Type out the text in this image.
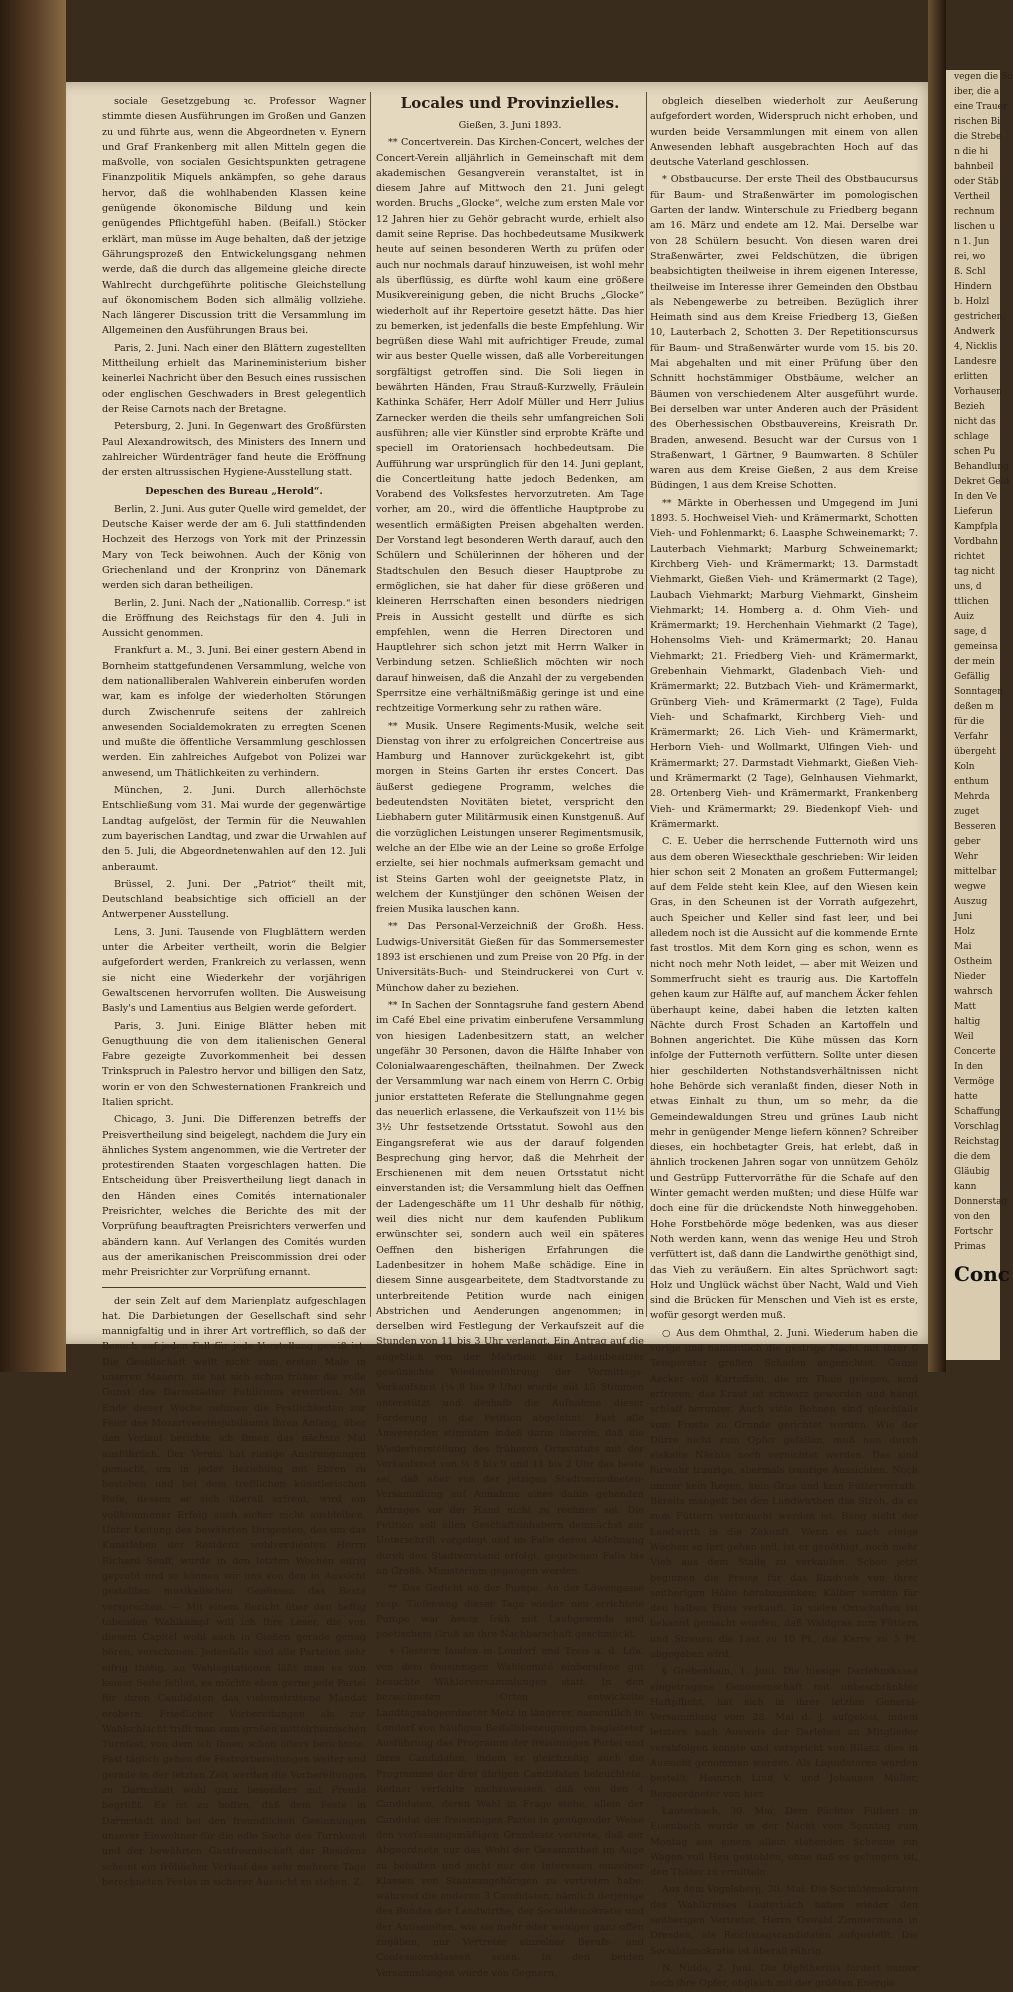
sociale Gesetzgebung ꝛc. Professor Wagner stimmte diesen Ausführungen im Großen und Ganzen zu und führte aus, wenn die Abgeordneten v. Eynern und Graf Frankenberg mit allen Mitteln gegen die maßvolle, von socialen Gesichtspunkten getragene Finanzpolitik Miquels ankämpfen, so gehe daraus hervor, daß die wohlhabenden Klassen keine genügende ökonomische Bildung und kein genügendes Pflichtgefühl haben. (Beifall.) Stöcker erklärt, man müsse im Auge behalten, daß der jetzige Gährungsprozeß den Entwickelungsgang nehmen werde, daß die durch das allgemeine gleiche directe Wahlrecht durchgeführte politische Gleichstellung auf ökonomischem Boden sich allmälig vollziehe. Nach längerer Discussion tritt die Versammlung im Allgemeinen den Ausführungen Braus bei.

Paris, 2. Juni. Nach einer den Blättern zugestellten Mittheilung erhielt das Marineministerium bisher keinerlei Nachricht über den Besuch eines russischen oder englischen Geschwaders in Brest gelegentlich der Reise Carnots nach der Bretagne.

Petersburg, 2. Juni. In Gegenwart des Großfürsten Paul Alexandrowitsch, des Ministers des Innern und zahlreicher Würdenträger fand heute die Eröffnung der ersten altrussischen Hygiene-Ausstellung statt.

Depeschen des Bureau „Herold“.

Berlin, 2. Juni. Aus guter Quelle wird gemeldet, der Deutsche Kaiser werde der am 6. Juli stattfindenden Hochzeit des Herzogs von York mit der Prinzessin Mary von Teck beiwohnen. Auch der König von Griechenland und der Kronprinz von Dänemark werden sich daran betheiligen.

Berlin, 2. Juni. Nach der „Nationallib. Corresp.“ ist die Eröffnung des Reichstags für den 4. Juli in Aussicht genommen.

Frankfurt a. M., 3. Juni. Bei einer gestern Abend in Bornheim stattgefundenen Versammlung, welche von dem nationalliberalen Wahlverein einberufen worden war, kam es infolge der wiederholten Störungen durch Zwischenrufe seitens der zahlreich anwesenden Socialdemokraten zu erregten Scenen und mußte die öffentliche Versammlung geschlossen werden. Ein zahlreiches Aufgebot von Polizei war anwesend, um Thätlichkeiten zu verhindern.

München, 2. Juni. Durch allerhöchste Entschließung vom 31. Mai wurde der gegenwärtige Landtag aufgelöst, der Termin für die Neuwahlen zum bayerischen Landtag, und zwar die Urwahlen auf den 5. Juli, die Abgeordnetenwahlen auf den 12. Juli anberaumt.

Brüssel, 2. Juni. Der „Patriot“ theilt mit, Deutschland beabsichtige sich officiell an der Antwerpener Ausstellung.

Lens, 3. Juni. Tausende von Flugblättern werden unter die Arbeiter vertheilt, worin die Belgier aufgefordert werden, Frankreich zu verlassen, wenn sie nicht eine Wiederkehr der vorjährigen Gewaltscenen hervorrufen wollten. Die Ausweisung Basly's und Lamentius aus Belgien werde gefordert.

Paris, 3. Juni. Einige Blätter heben mit Genugthuung die von dem italienischen General Fabre gezeigte Zuvorkommenheit bei dessen Trinkspruch in Palestro hervor und billigen den Satz, worin er von den Schwesternationen Frankreich und Italien spricht.

Chicago, 3. Juni. Die Differenzen betreffs der Preisvertheilung sind beigelegt, nachdem die Jury ein ähnliches System angenommen, wie die Vertreter der protestirenden Staaten vorgeschlagen hatten. Die Entscheidung über Preisvertheilung liegt danach in den Händen eines Comités internationaler Preisrichter, welches die Berichte des mit der Vorprüfung beauftragten Preisrichters verwerfen und abändern kann. Auf Verlangen des Comités wurden aus der amerikanischen Preiscommission drei oder mehr Preisrichter zur Vorprüfung ernannt.

der sein Zelt auf dem Marienplatz aufgeschlagen hat. Die Darbietungen der Gesellschaft sind sehr mannigfaltig und in ihrer Art vortrefflich, so daß der Besuch auf jeden Fall für jede Vorstellung gewiß ist. Die Gesellschaft weilt nicht zum ersten Male in unseren Mauern, sie hat sich schon früher die volle Gunst des Darmstädter Publicums erworben. Mit Ende dieser Woche nehmen die Festlichkeiten zur Feier des Mozartvereinsjubiläums ihren Anfang, über den Verlauf berichte ich Ihnen das nächste Mal ausführlich. Der Verein hat riesige Anstrengungen gemacht, um in jeder Beziehung mit Ehren zu bestehen und bei dem trefflichen künstlerischen Rufe, dessen er sich überall erfreut, wird ein vollkommener Erfolg auch sicher nicht ausbleiben. Unter Leitung des bewährten Dirigenten, des um das Kunstleben der Residenz wohlverdienten Herrn Richard Senff, wurde in den letzten Wochen eifrig geprobt und so können wir uns von den in Aussicht gestellten musikalischen Genüssen das Beste versprechen. — Mit einem Bericht über den heftig tobenden Wahlkampf will ich Ihre Leser, die von diesem Capitel wohl auch in Gießen gerade genug hören, verschonen. Jedenfalls sind alle Parteien sehr eifrig thätig, an Wahlagitationen läßt man es von keiner Seite fehlen, es möchte eben gerne jede Partei für ihren Candidaten das vielumstrittene Mandat erobern. Friedlicher Vorbereitungen als zur Wahlschlacht trifft man zum großen mittelrheinischen Turnfest, von dem ich Ihnen schon öfters berichtete. Fast täglich gehen die Festvorbereitungen weiter und gerade in der letzten Zeit werden die Vorbereitungen zu Darmstadt wohl ganz besonders mit Freude begrüßt. Es ist zu hoffen, daß dem Feste in Darmstadt und bei den freundlichen Gesinnungen unserer Einwohner für die edle Sache des Turnkunst und der bewährten Gastfreundschaft der Residenz scheint ein fröhlicher Verlauf des sehr mehrere Tage berechneten Festes in sicherer Aussicht zu stehen. Z.

Locales und Provinzielles.

Gießen, 3. Juni 1893.

** Concertverein. Das Kirchen-Concert, welches der Concert-Verein alljährlich in Gemeinschaft mit dem akademischen Gesangverein veranstaltet, ist in diesem Jahre auf Mittwoch den 21. Juni gelegt worden. Bruchs „Glocke“, welche zum ersten Male vor 12 Jahren hier zu Gehör gebracht wurde, erhielt also damit seine Reprise. Das hochbedeutsame Musikwerk heute auf seinen besonderen Werth zu prüfen oder auch nur nochmals darauf hinzuweisen, ist wohl mehr als überflüssig, es dürfte wohl kaum eine größere Musikvereinigung geben, die nicht Bruchs „Glocke“ wiederholt auf ihr Repertoire gesetzt hätte. Das hier zu bemerken, ist jedenfalls die beste Empfehlung. Wir begrüßen diese Wahl mit aufrichtiger Freude, zumal wir aus bester Quelle wissen, daß alle Vorbereitungen sorgfältigst getroffen sind. Die Soli liegen in bewährten Händen, Frau Strauß-Kurzwelly, Fräulein Kathinka Schäfer, Herr Adolf Müller und Herr Julius Zarnecker werden die theils sehr umfangreichen Soli ausführen; alle vier Künstler sind erprobte Kräfte und speciell im Oratoriensach hochbedeutsam. Die Aufführung war ursprünglich für den 14. Juni geplant, die Concertleitung hatte jedoch Bedenken, am Vorabend des Volksfestes hervorzutreten. Am Tage vorher, am 20., wird die öffentliche Hauptprobe zu wesentlich ermäßigten Preisen abgehalten werden. Der Vorstand legt besonderen Werth darauf, auch den Schülern und Schülerinnen der höheren und der Stadtschulen den Besuch dieser Hauptprobe zu ermöglichen, sie hat daher für diese größeren und kleineren Herrschaften einen besonders niedrigen Preis in Aussicht gestellt und dürfte es sich empfehlen, wenn die Herren Directoren und Hauptlehrer sich schon jetzt mit Herrn Walker in Verbindung setzen. Schließlich möchten wir noch darauf hinweisen, daß die Anzahl der zu vergebenden Sperrsitze eine verhältnißmäßig geringe ist und eine rechtzeitige Vormerkung sehr zu rathen wäre.

** Musik. Unsere Regiments-Musik, welche seit Dienstag von ihrer zu erfolgreichen Concertreise aus Hamburg und Hannover zurückgekehrt ist, gibt morgen in Steins Garten ihr erstes Concert. Das äußerst gediegene Programm, welches die bedeutendsten Novitäten bietet, verspricht den Liebhabern guter Militärmusik einen Kunstgenuß. Auf die vorzüglichen Leistungen unserer Regimentsmusik, welche an der Elbe wie an der Leine so große Erfolge erzielte, sei hier nochmals aufmerksam gemacht und ist Steins Garten wohl der geeignetste Platz, in welchem der Kunstjünger den schönen Weisen der freien Musika lauschen kann.

** Das Personal-Verzeichniß der Großh. Hess. Ludwigs-Universität Gießen für das Sommersemester 1893 ist erschienen und zum Preise von 20 Pfg. in der Universitäts-Buch- und Steindruckerei von Curt v. Münchow daher zu beziehen.

** In Sachen der Sonntagsruhe fand gestern Abend im Café Ebel eine privatim einberufene Versammlung von hiesigen Ladenbesitzern statt, an welcher ungefähr 30 Personen, davon die Hälfte Inhaber von Colonialwaarengeschäften, theilnahmen. Der Zweck der Versammlung war nach einem von Herrn C. Orbig junior erstatteten Referate die Stellungnahme gegen das neuerlich erlassene, die Verkaufszeit von 11½ bis 3½ Uhr festsetzende Ortsstatut. Sowohl aus den Eingangsreferat wie aus der darauf folgenden Besprechung ging hervor, daß die Mehrheit der Erschienenen mit dem neuen Ortsstatut nicht einverstanden ist; die Versammlung hielt das Oeffnen der Ladengeschäfte um 11 Uhr deshalb für nöthig, weil dies nicht nur dem kaufenden Publikum erwünschter sei, sondern auch weil ein späteres Oeffnen den bisherigen Erfahrungen die Ladenbesitzer in hohem Maße schädige. Eine in diesem Sinne ausgearbeitete, dem Stadtvorstande zu unterbreitende Petition wurde nach einigen Abstrichen und Aenderungen angenommen; in derselben wird Festlegung der Verkaufszeit auf die Stunden von 11 bis 3 Uhr verlangt. Ein Antrag auf die angeblich von der Mehrheit der Ladenbesitzer gewünschte Wiedereinführung der Vormittags-Verkaufszeit (⅛ 8 bis 9 Uhr) wurde mit 15 Stimmen unterstützt und deshalb die Aufnahme dieser Forderung in die Petition abgelehnt. Fast alle Anwesenden stimmten indeß darin überein, daß die Wiederherstellung des früheren Ortsstatuts mit der Verkaufszeit von ½ 8 bis 9 und 11 bis 2 Uhr das beste sei, daß aber von der jetzigen Stadtverordneten-Versammlung auf Annahme eines dahin gehenden Antrages vor der Hand nicht zu rechnen sei. Die Petition soll allen Geschäftsinhabern demnächst zur Unterschrift vorgelegt und im Falle deren Ablehnung durch den Stadtvorstand erfolgt, gegebenen Falls bis an Großh. Ministerium gegangen werden.

** Das Gedicht an der Pumpe. An der Löwengasse resp. Tiefenweg dieser Tage wieder neu errichtete Pumpe war heute früh mit Laubgewinde und poetischem Gruß an ihre Nachbarschaft geschmückt.

+ Gestern fanden in Londorf und Treis a. d. Lda. von dem freisinnigen Wahlcomité einberufene gut besuchte Wählerversammlungen statt. In den bezeichneten Orten entwickelte Landtagsabgeordneter Metz in längerer, namentlich in Londorf von häufigen Beifallsbezeugungen begleiteter Ausführung das Programm der freisinnigen Partei und ihres Candidaten, indem er gleichzeitig auch die Programme der drei übrigen Candidaten beleuchtete. Redner verfehlte nachzuweisen, daß von den 4 Candidaten, deren Wahl in Frage stehe, allein der Candidat der freisinnigen Partei in genügender Weise den verfassungsmäßigen Grundsatz vertrete, daß der Abgeordnete nur das Wohl der Gesammtheit im Auge zu behalten und nicht nur die Interessen einzelner Klassen von Staatsangehörigen zu vertreten habe; während die anderen 3 Candidaten, nämlich derjenige des Bundes der Landwirthe, der Socialdemokratie und der Antisemiten, wie sie mehr oder weniger ganz offen zugäben, nur Vertreter einzelner Berufs- und Confessionsklassen seien. In den beiden Versammlungen wurde von Gegnern,

obgleich dieselben wiederholt zur Aeußerung aufgefordert worden, Widerspruch nicht erhoben, und wurden beide Versammlungen mit einem von allen Anwesenden lebhaft ausgebrachten Hoch auf das deutsche Vaterland geschlossen.

* Obstbaucurse. Der erste Theil des Obstbaucursus für Baum- und Straßenwärter im pomologischen Garten der landw. Winterschule zu Friedberg begann am 16. März und endete am 12. Mai. Derselbe war von 28 Schülern besucht. Von diesen waren drei Straßenwärter, zwei Feldschützen, die übrigen beabsichtigten theilweise in ihrem eigenen Interesse, theilweise im Interesse ihrer Gemeinden den Obstbau als Nebengewerbe zu betreiben. Bezüglich ihrer Heimath sind aus dem Kreise Friedberg 13, Gießen 10, Lauterbach 2, Schotten 3. Der Repetitionscursus für Baum- und Straßenwärter wurde vom 15. bis 20. Mai abgehalten und mit einer Prüfung über den Schnitt hochstämmiger Obstbäume, welcher an Bäumen von verschiedenem Alter ausgeführt wurde. Bei derselben war unter Anderen auch der Präsident des Oberhessischen Obstbauvereins, Kreisrath Dr. Braden, anwesend. Besucht war der Cursus von 1 Straßenwart, 1 Gärtner, 9 Baumwarten. 8 Schüler waren aus dem Kreise Gießen, 2 aus dem Kreise Büdingen, 1 aus dem Kreise Schotten.

** Märkte in Oberhessen und Umgegend im Juni 1893. 5. Hochweisel Vieh- und Krämermarkt, Schotten Vieh- und Fohlenmarkt; 6. Laasphe Schweinemarkt; 7. Lauterbach Viehmarkt; Marburg Schweinemarkt; Kirchberg Vieh- und Krämermarkt; 13. Darmstadt Viehmarkt, Gießen Vieh- und Krämermarkt (2 Tage), Laubach Viehmarkt; Marburg Viehmarkt, Ginsheim Viehmarkt; 14. Homberg a. d. Ohm Vieh- und Krämermarkt; 19. Herchenhain Viehmarkt (2 Tage), Hohensolms Vieh- und Krämermarkt; 20. Hanau Viehmarkt; 21. Friedberg Vieh- und Krämermarkt, Grebenhain Viehmarkt, Gladenbach Vieh- und Krämermarkt; 22. Butzbach Vieh- und Krämermarkt, Grünberg Vieh- und Krämermarkt (2 Tage), Fulda Vieh- und Schafmarkt, Kirchberg Vieh- und Krämermarkt; 26. Lich Vieh- und Krämermarkt, Herborn Vieh- und Wollmarkt, Ulfingen Vieh- und Krämermarkt; 27. Darmstadt Viehmarkt, Gießen Vieh- und Krämermarkt (2 Tage), Gelnhausen Viehmarkt, 28. Ortenberg Vieh- und Krämermarkt, Frankenberg Vieh- und Krämermarkt; 29. Biedenkopf Vieh- und Krämermarkt.

C. E. Ueber die herrschende Futternoth wird uns aus dem oberen Wieseckthale geschrieben: Wir leiden hier schon seit 2 Monaten an großem Futtermangel; auf dem Felde steht kein Klee, auf den Wiesen kein Gras, in den Scheunen ist der Vorrath aufgezehrt, auch Speicher und Keller sind fast leer, und bei alledem noch ist die Aussicht auf die kommende Ernte fast trostlos. Mit dem Korn ging es schon, wenn es nicht noch mehr Noth leidet, — aber mit Weizen und Sommerfrucht sieht es traurig aus. Die Kartoffeln gehen kaum zur Hälfte auf, auf manchem Äcker fehlen überhaupt keine, dabei haben die letzten kalten Nächte durch Frost Schaden an Kartoffeln und Bohnen angerichtet. Die Kühe müssen das Korn infolge der Futternoth verfüttern. Sollte unter diesen hier geschilderten Nothstandsverhältnissen nicht hohe Behörde sich veranlaßt finden, dieser Noth in etwas Einhalt zu thun, um so mehr, da die Gemeindewaldungen Streu und grünes Laub nicht mehr in genügender Menge liefern können? Schreiber dieses, ein hochbetagter Greis, hat erlebt, daß in ähnlich trockenen Jahren sogar von unnützem Gehölz und Gestrüpp Futtervorräthe für die Schafe auf den Winter gemacht werden mußten; und diese Hülfe war doch eine für die drückendste Noth hinweggehoben. Hohe Forstbehörde möge bedenken, was aus dieser Noth werden kann, wenn das wenige Heu und Stroh verfüttert ist, daß dann die Landwirthe genöthigt sind, das Vieh zu veräußern. Ein altes Sprüchwort sagt: Holz und Unglück wächst über Nacht, Wald und Vieh sind die Brücken für Menschen und Vieh ist es erste, wofür gesorgt werden muß.

○ Aus dem Ohmthal, 2. Juni. Wiederum haben die vorige und namentlich die gestrige Nacht mit ihrer 0 Temperatur großen Schaden angerichtet. Ganze Aecker voll Kartoffeln, die im Thale gelegen, sind erfroren; das Kraut ist schwarz geworden und hängt schlaff herunter. Auch viele Bohnen sind gleichfalls vom Froste zu Grunde gerichtet worden. Wie der Dürre nicht zum Opfer gefallen, muß nun durch eiskalte Nächte noch vernichtet werden. Das sind fürwahr traurige, abermals traurige Aussichten. Noch immer kein Regen, kein Gras und kein Futtervorrath. Bereits mangelt bei den Landwirthen das Stroh, da es zum Füttern verbraucht werden ist. Bang sieht der Landwirth in die Zukunft. Wenn es nach einige Wochen so fort gehen soll, ist er genöthigt, noch mehr Vieh aus dem Stalle zu verkaufen. Schon jetzt beginnen die Preise für das Rindvieh von ihrer seitherigen Höhe herabzusinken; Kälber werden für den halben Preis verkauft. In vielen Ortschaften ist bekannt gemacht worden, daß Waldgras zum Füttern und Streuen die Last zu 10 Pf., die Karre zu 5 Pf. abgegeben wird.

§ Grebenhain, 1. Juni. Die hiesige Darlehnskasse eingetragene Genossenschaft mit unbeschränkter Haftpflicht, hat sich in ihrer letzten General-Versammlung vom 28. Mai d. J. aufgelöst, indem letztere nach Ausweis der Darlehen an Mitglieder verabfolgen konnte und verspricht von Bilanz dies in Aussicht genommen wurden. Als Liquidatoren wurden bestellt: Heinrich Lind V. und Johannes Müller, Beigeordneter von hier.

Lauterbach, 30. Mai. Dem Pächter Fülbert in Eisenbach wurde in der Nacht vom Sonntag zum Montag aus einem allein stehenden Scheune ein Wagen voll Heu gestohlen, ohne daß es gelungen ist, den Thäter zu ermitteln.

Aus dem Vogelsberg, 30. Mai. Die Socialdemokraten des Wahlkreises Lauterbach haben wieder den seitherigen Vertreter, Herrn Oswald Zimmermann in Dresden, als Reichstagscandidaten aufgestellt. Die Socialdemokratie ist überall rührig.

N. Nidda, 2. Juni. Die Diphtheritis fordert immer noch ihre Opfer, obgleich mit der größten Energie

vegen die So
iber, die a
eine Trauer
rischen Bi
die Strebe
n die hi
bahnbeil
oder Stäb
Vertheil
rechnum
lischen u
n 1. Jun
rei, wo
ß. Schl
Hindern
b. Holzl
gestrichen
Andwerk
4, Nicklis
Landesre
erlitten
Vorhausen
Bezieh
nicht das
schlage
schen Pu
Behandlung
Dekret Geld
In den Ve
Lieferun
Kampfpla
Vordbahn
richtet
tag nicht
uns, d
ttlichen
Auiz
sage, d
gemeinsa
der mein
Gefällig
Sonntagen
deßen m
für die
Verfahr
übergeht
Koln
enthum
Mehrda
zuget
Besseren
geber
Wehr
mittelbar
wegwe
Auszug
Juni
Holz
Mai
Ostheim
Nieder
wahrsch
Matt
haltig
Weil
Concerte
In den
Vermöge
hatte
Schaffung
Vorschlag
Reichstag
die dem
Gläubig
kann
Donnerstag
von den
Fortschr
Primas
Conc
